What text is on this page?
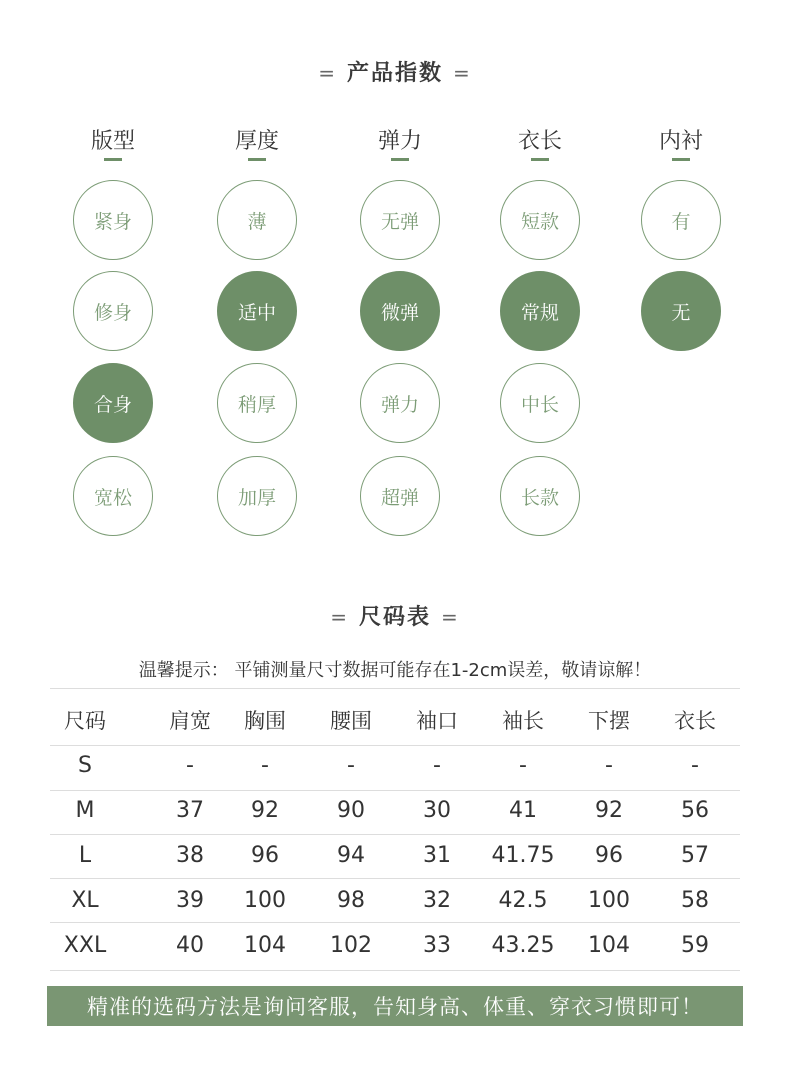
= 产品指数 =
版型
紧身
修身
合身
宽松
厚度
薄
适中
稍厚
加厚
弹力
无弹
微弹
弹力
超弹
衣长
短款
常规
中长
长款
内衬
有
无
= 尺码表 =
温馨提示： 平铺测量尺寸数据可能存在1-2cm误差，敬请谅解！
尺码	肩宽	胸围	腰围	袖口	袖长	下摆	衣长
S	-	-	-	-	-	-	-
M	37	92	90	30	41	92	56
L	38	96	94	31	41.75	96	57
XL	39	100	98	32	42.5	100	58
XXL	40	104	102	33	43.25	104	59
精准的选码方法是询问客服，告知身高、体重、穿衣习惯即可！
